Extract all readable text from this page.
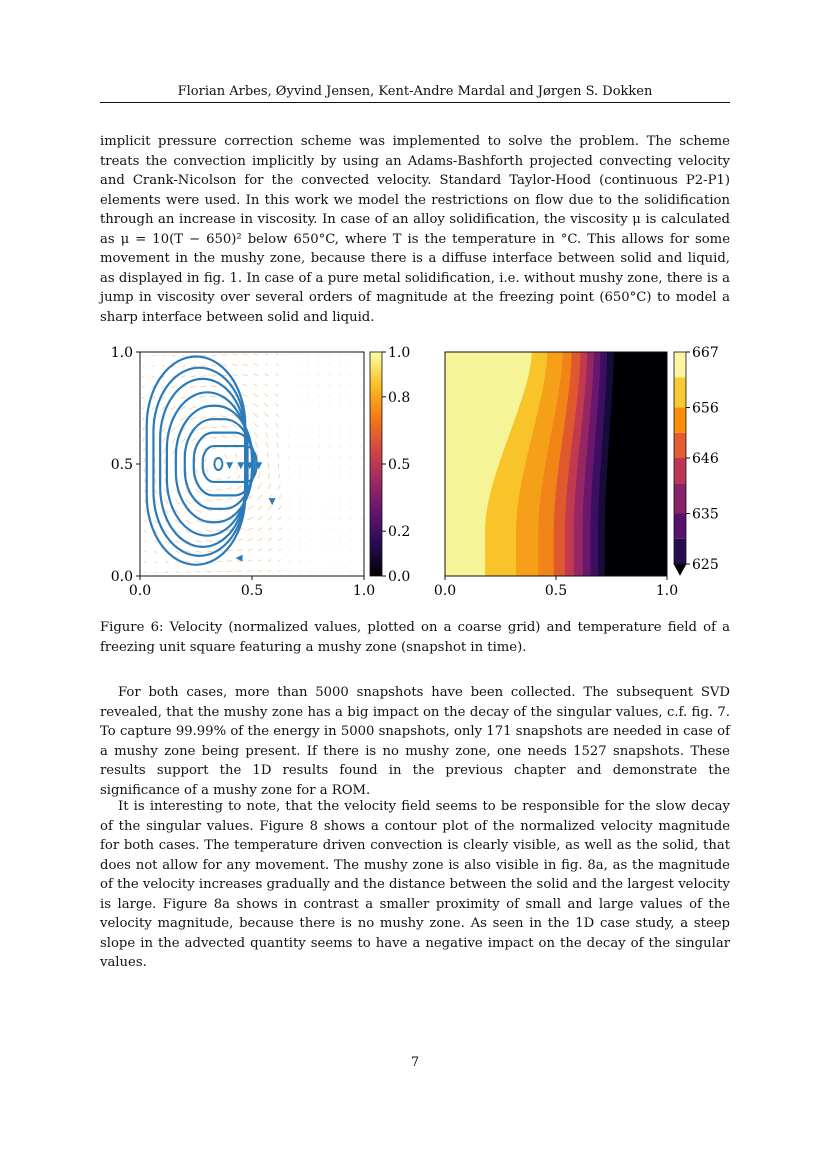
Florian Arbes, Øyvind Jensen, Kent-Andre Mardal and Jørgen S. Dokken

implicit pressure correction scheme was implemented to solve the problem. The scheme treats the convection implicitly by using an Adams-Bashforth projected convecting velocity and Crank-Nicolson for the convected velocity. Standard Taylor-Hood (continuous P2-P1) elements were used. In this work we model the restrictions on flow due to the solidification through an increase in viscosity. In case of an alloy solidification, the viscosity μ is calculated as μ = 10(T − 650)² below 650°C, where T is the temperature in °C. This allows for some movement in the mushy zone, because there is a diffuse interface between solid and liquid, as displayed in fig. 1. In case of a pure metal solidification, i.e. without mushy zone, there is a jump in viscosity over several orders of magnitude at the freezing point (650°C) to model a sharp interface between solid and liquid.

0.0	0.5	1.0
0.0
0.5
1.0
0.0
0.2
0.5
0.8
1.0
0.0	0.5	1.0
625
635
646
656
667
Figure 6: Velocity (normalized values, plotted on a coarse grid) and temperature field of a freezing unit square featuring a mushy zone (snapshot in time).

For both cases, more than 5000 snapshots have been collected. The subsequent SVD revealed, that the mushy zone has a big impact on the decay of the singular values, c.f. fig. 7. To capture 99.99% of the energy in 5000 snapshots, only 171 snapshots are needed in case of a mushy zone being present. If there is no mushy zone, one needs 1527 snapshots. These results support the 1D results found in the previous chapter and demonstrate the significance of a mushy zone for a ROM.

It is interesting to note, that the velocity field seems to be responsible for the slow decay of the singular values. Figure 8 shows a contour plot of the normalized velocity magnitude for both cases. The temperature driven convection is clearly visible, as well as the solid, that does not allow for any movement. The mushy zone is also visible in fig. 8a, as the magnitude of the velocity increases gradually and the distance between the solid and the largest velocity is large. Figure 8a shows in contrast a smaller proximity of small and large values of the velocity magnitude, because there is no mushy zone. As seen in the 1D case study, a steep slope in the advected quantity seems to have a negative impact on the decay of the singular values.

7
